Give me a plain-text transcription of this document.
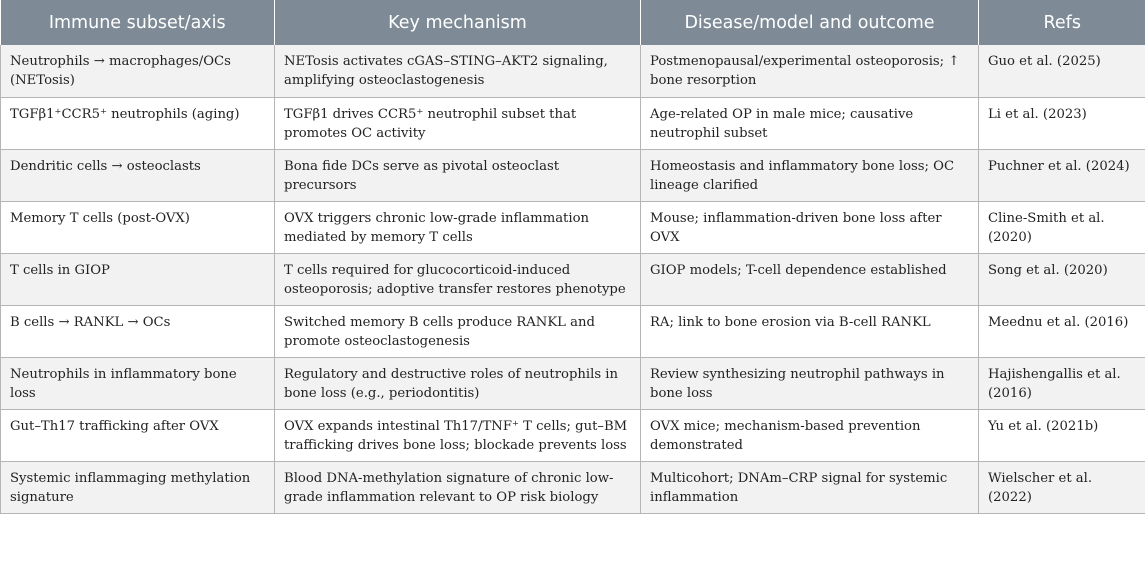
Immune subset/axis	Key mechanism	Disease/model and outcome	Refs
Neutrophils → macrophages/OCs (NETosis)	NETosis activates cGAS–STING–AKT2 signaling, amplifying osteoclastogenesis	Postmenopausal/experimental osteoporosis; ↑ bone resorption	Guo et al. (2025)
TGFβ1⁺CCR5⁺ neutrophils (aging)	TGFβ1 drives CCR5⁺ neutrophil subset that promotes OC activity	Age-related OP in male mice; causative neutrophil subset	Li et al. (2023)
Dendritic cells → osteoclasts	Bona fide DCs serve as pivotal osteoclast precursors	Homeostasis and inflammatory bone loss; OC lineage clarified	Puchner et al. (2024)
Memory T cells (post-OVX)	OVX triggers chronic low-grade inflammation mediated by memory T cells	Mouse; inflammation-driven bone loss after OVX	Cline-Smith et al. (2020)
T cells in GIOP	T cells required for glucocorticoid-induced osteoporosis; adoptive transfer restores phenotype	GIOP models; T-cell dependence established	Song et al. (2020)
B cells → RANKL → OCs	Switched memory B cells produce RANKL and promote osteoclastogenesis	RA; link to bone erosion via B-cell RANKL	Meednu et al. (2016)
Neutrophils in inflammatory bone loss	Regulatory and destructive roles of neutrophils in bone loss (e.g., periodontitis)	Review synthesizing neutrophil pathways in bone loss	Hajishengallis et al. (2016)
Gut–Th17 trafficking after OVX	OVX expands intestinal Th17/TNF⁺ T cells; gut–BM trafficking drives bone loss; blockade prevents loss	OVX mice; mechanism-based prevention demonstrated	Yu et al. (2021b)
Systemic inflammaging methylation signature	Blood DNA-methylation signature of chronic low-grade inflammation relevant to OP risk biology	Multicohort; DNAm–CRP signal for systemic inflammation	Wielscher et al. (2022)
